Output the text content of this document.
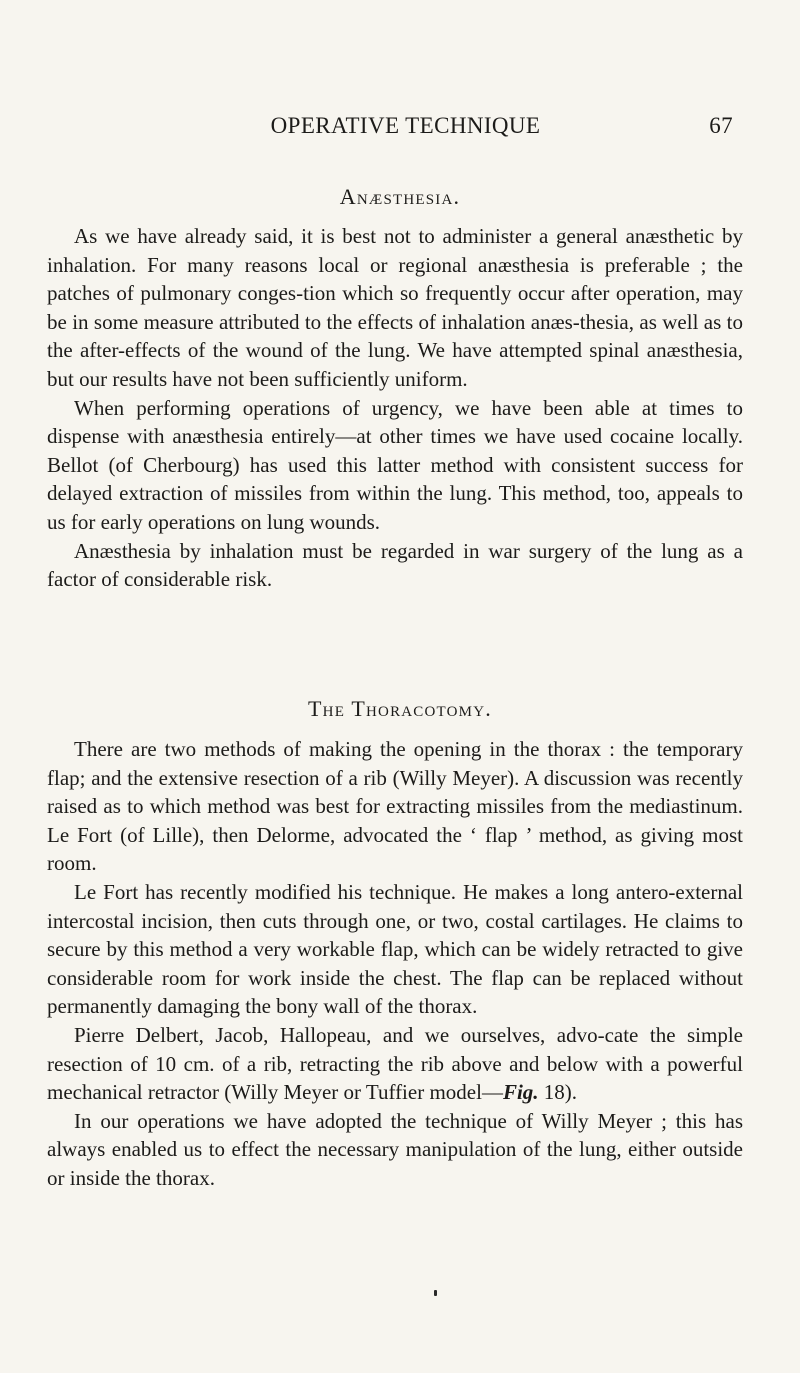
OPERATIVE TECHNIQUE	67
Anæsthesia.

As we have already said, it is best not to administer a general anæsthetic by inhalation. For many reasons local or regional anæsthesia is preferable ; the patches of pulmonary conges-tion which so frequently occur after operation, may be in some measure attributed to the effects of inhalation anæs-thesia, as well as to the after-effects of the wound of the lung. We have attempted spinal anæsthesia, but our results have not been sufficiently uniform.

When performing operations of urgency, we have been able at times to dispense with anæsthesia entirely—at other times we have used cocaine locally. Bellot (of Cherbourg) has used this latter method with consistent success for delayed extraction of missiles from within the lung. This method, too, appeals to us for early operations on lung wounds.

Anæsthesia by inhalation must be regarded in war surgery of the lung as a factor of considerable risk.

The Thoracotomy.

There are two methods of making the opening in the thorax : the temporary flap; and the extensive resection of a rib (Willy Meyer). A discussion was recently raised as to which method was best for extracting missiles from the mediastinum. Le Fort (of Lille), then Delorme, advocated the ‘ flap ’ method, as giving most room.

Le Fort has recently modified his technique. He makes a long antero-external intercostal incision, then cuts through one, or two, costal cartilages. He claims to secure by this method a very workable flap, which can be widely retracted to give considerable room for work inside the chest. The flap can be replaced without permanently damaging the bony wall of the thorax.

Pierre Delbert, Jacob, Hallopeau, and we ourselves, advo-cate the simple resection of 10 cm. of a rib, retracting the rib above and below with a powerful mechanical retractor (Willy Meyer or Tuffier model—Fig. 18).

In our operations we have adopted the technique of Willy Meyer ; this has always enabled us to effect the necessary manipulation of the lung, either outside or inside the thorax.
